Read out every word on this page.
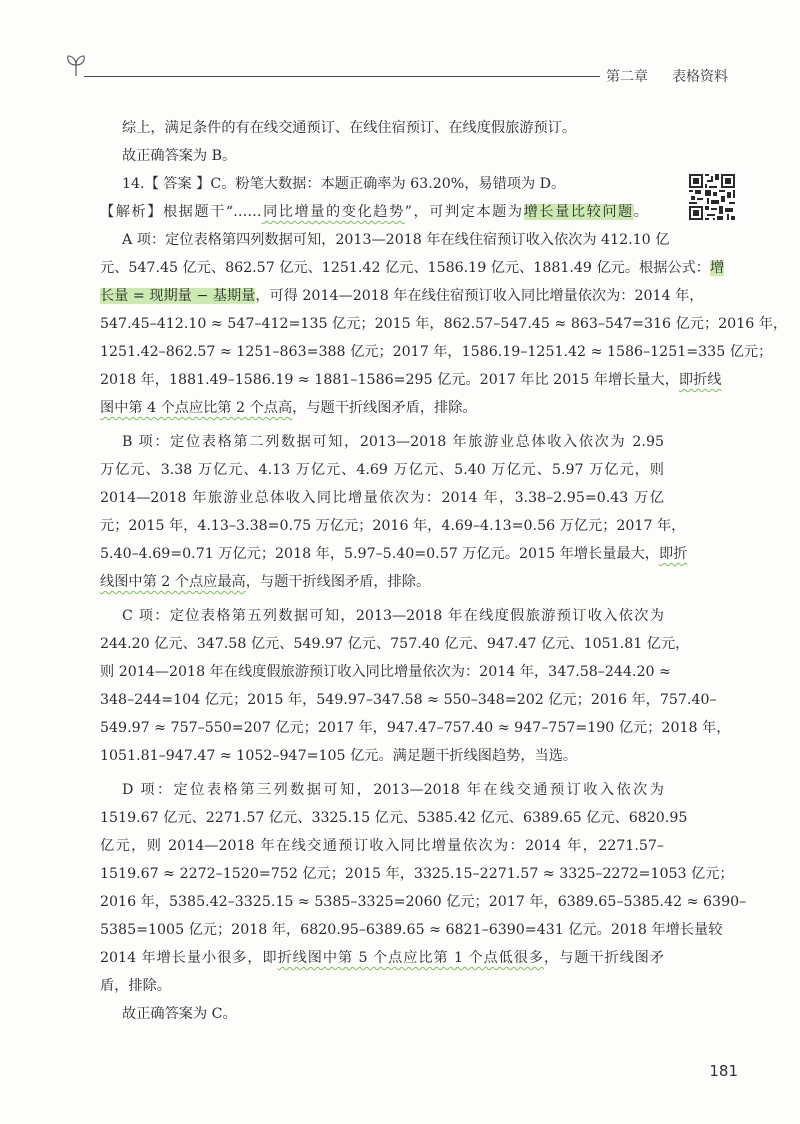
第二章 表格资料
综上，满足条件的有在线交通预订、在线住宿预订、在线度假旅游预订。
故正确答案为 B。
14.【 答案 】C。粉笔大数据：本题正确率为 63.20%，易错项为 D。
【解析】根据题干“……同比增量的变化趋势”，可判定本题为增长量比较问题。
A 项：定位表格第四列数据可知，2013—2018 年在线住宿预订收入依次为 412.10 亿
元、547.45 亿元、862.57 亿元、1251.42 亿元、1586.19 亿元、1881.49 亿元。根据公式：增
长量 = 现期量 − 基期量，可得 2014—2018 年在线住宿预订收入同比增量依次为：2014 年，
547.45–412.10 ≈ 547–412=135 亿元；2015 年，862.57–547.45 ≈ 863–547=316 亿元；2016 年，
1251.42–862.57 ≈ 1251–863=388 亿元；2017 年，1586.19–1251.42 ≈ 1586–1251=335 亿元；
2018 年，1881.49–1586.19 ≈ 1881–1586=295 亿元。2017 年比 2015 年增长量大，即折线
图中第 4 个点应比第 2 个点高，与题干折线图矛盾，排除。
B 项：定位表格第二列数据可知，2013—2018 年旅游业总体收入依次为 2.95
万亿元、3.38 万亿元、4.13 万亿元、4.69 万亿元、5.40 万亿元、5.97 万亿元，则
2014—2018 年旅游业总体收入同比增量依次为：2014 年，3.38–2.95=0.43 万亿
元；2015 年，4.13–3.38=0.75 万亿元；2016 年，4.69–4.13=0.56 万亿元；2017 年，
5.40–4.69=0.71 万亿元；2018 年，5.97–5.40=0.57 万亿元。2015 年增长量最大，即折
线图中第 2 个点应最高，与题干折线图矛盾，排除。
C 项：定位表格第五列数据可知，2013—2018 年在线度假旅游预订收入依次为
244.20 亿元、347.58 亿元、549.97 亿元、757.40 亿元、947.47 亿元、1051.81 亿元，
则 2014—2018 年在线度假旅游预订收入同比增量依次为：2014 年，347.58–244.20 ≈
348–244=104 亿元；2015 年，549.97–347.58 ≈ 550–348=202 亿元；2016 年，757.40–
549.97 ≈ 757–550=207 亿元；2017 年，947.47–757.40 ≈ 947–757=190 亿元；2018 年，
1051.81–947.47 ≈ 1052–947=105 亿元。满足题干折线图趋势，当选。
D 项：定位表格第三列数据可知，2013—2018 年在线交通预订收入依次为
1519.67 亿元、2271.57 亿元、3325.15 亿元、5385.42 亿元、6389.65 亿元、6820.95
亿元，则 2014—2018 年在线交通预订收入同比增量依次为：2014 年，2271.57–
1519.67 ≈ 2272–1520=752 亿元；2015 年，3325.15–2271.57 ≈ 3325–2272=1053 亿元；
2016 年，5385.42–3325.15 ≈ 5385–3325=2060 亿元；2017 年，6389.65–5385.42 ≈ 6390–
5385=1005 亿元；2018 年，6820.95–6389.65 ≈ 6821–6390=431 亿元。2018 年增长量较
2014 年增长量小很多，即折线图中第 5 个点应比第 1 个点低很多，与题干折线图矛
盾，排除。
故正确答案为 C。
181
